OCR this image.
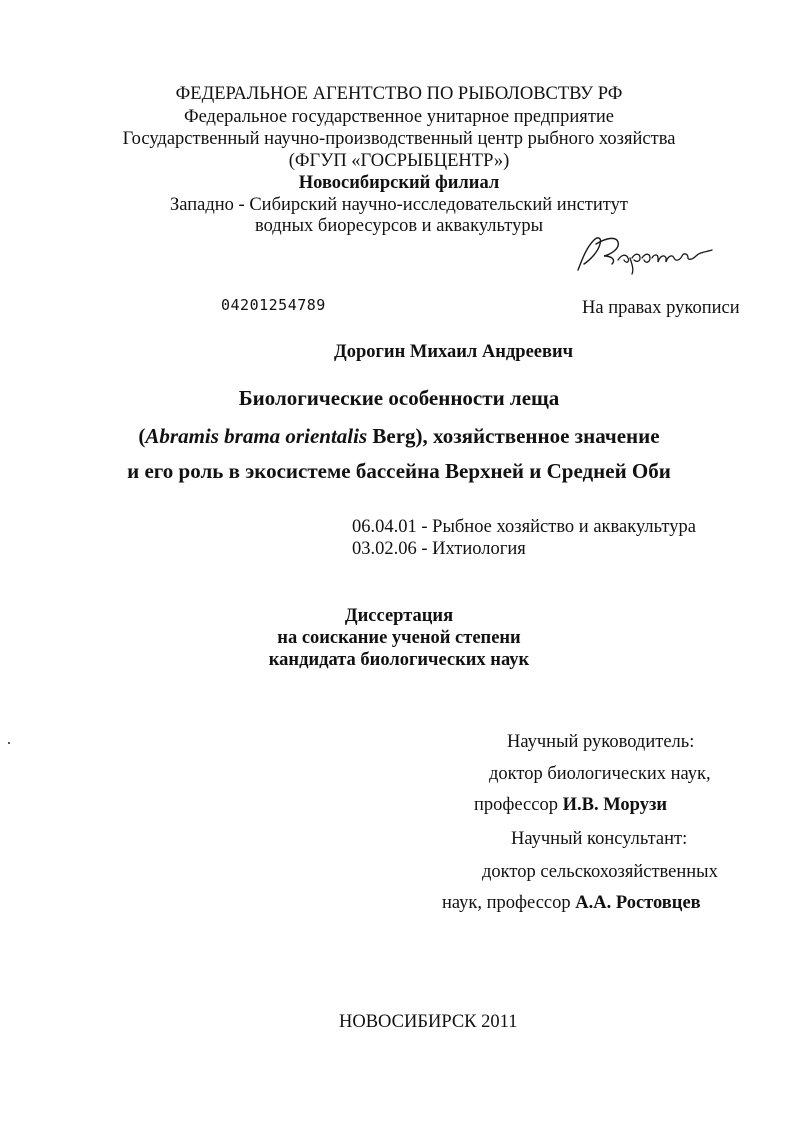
ФЕДЕРАЛЬНОЕ АГЕНТСТВО ПО РЫБОЛОВСТВУ РФ
Федеральное государственное унитарное предприятие
Государственный научно-производственный центр рыбного хозяйства
(ФГУП «ГОСРЫБЦЕНТР»)
Новосибирский филиал
Западно - Сибирский научно-исследовательский институт
водных биоресурсов и аквакультуры
04201254789	На правах рукописи
Дорогин Михаил Андреевич
Биологические особенности леща
(Abramis brama orientalis Berg), хозяйственное значение
и его роль в экосистеме бассейна Верхней и Средней Оби
06.04.01 - Рыбное хозяйство и аквакультура
03.02.06 - Ихтиология
Диссертация
на соискание ученой степени
кандидата биологических наук
Научный руководитель:
доктор биологических наук,
профессор И.В. Морузи
Научный консультант:
доктор сельскохозяйственных
наук, профессор А.А. Ростовцев
НОВОСИБИРСК 2011
